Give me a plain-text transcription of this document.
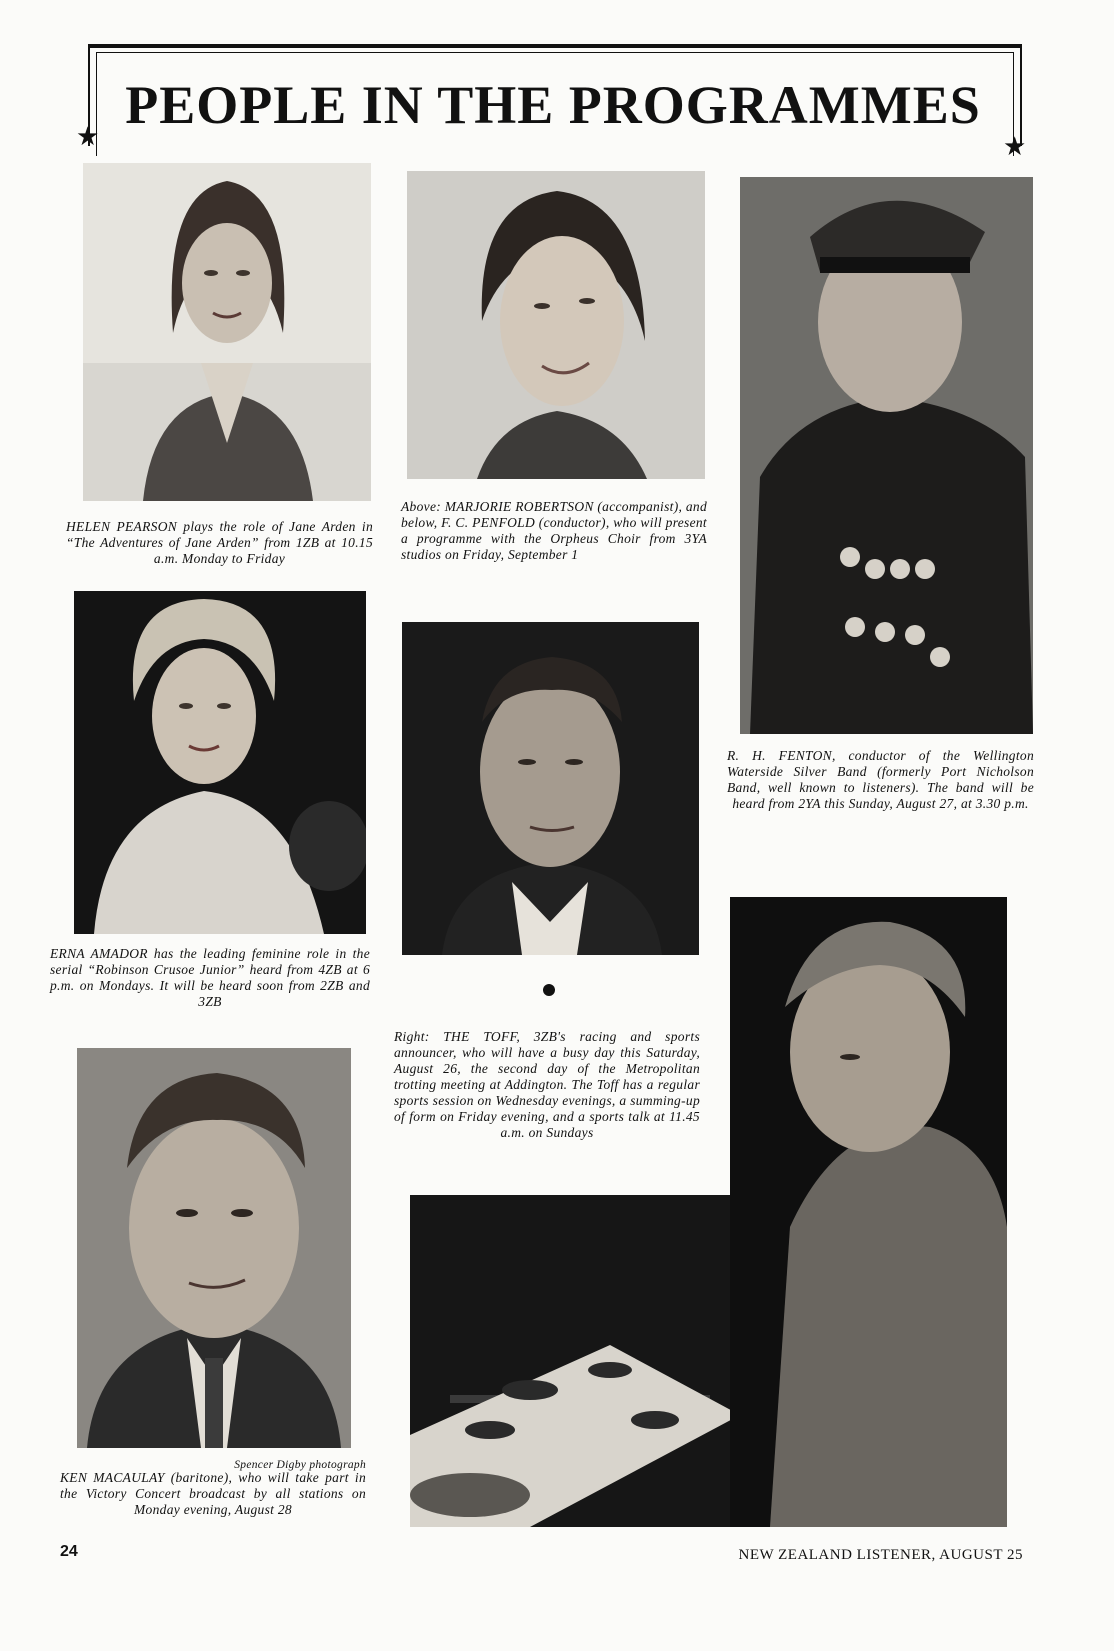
PEOPLE IN THE PROGRAMMES
★	★

HELEN PEARSON plays the role of Jane Arden in “The Adventures of Jane Arden” from 1ZB at 10.15 a.m. Monday to Friday

Above: MARJORIE ROBERTSON (accompanist), and below, F. C. PENFOLD (conductor), who will present a programme with the Orpheus Choir from 3YA studios on Friday, September 1

R. H. FENTON, conductor of the Wellington Waterside Silver Band (formerly Port Nicholson Band, well known to listeners). The band will be heard from 2YA this Sunday, August 27, at 3.30 p.m.

ERNA AMADOR has the leading feminine role in the serial “Robinson Crusoe Junior” heard from 4ZB at 6 p.m. on Mondays. It will be heard soon from 2ZB and 3ZB

Right: THE TOFF, 3ZB's racing and sports announcer, who will have a busy day this Saturday, August 26, the second day of the Metropolitan trotting meeting at Addington. The Toff has a regular sports session on Wednesday evenings, a summing-up of form on Friday evening, and a sports talk at 11.45 a.m. on Sundays

Spencer Digby photograph

KEN MACAULAY (baritone), who will take part in the Victory Concert broadcast by all stations on Monday evening, August 28

24	NEW ZEALAND LISTENER, AUGUST 25
